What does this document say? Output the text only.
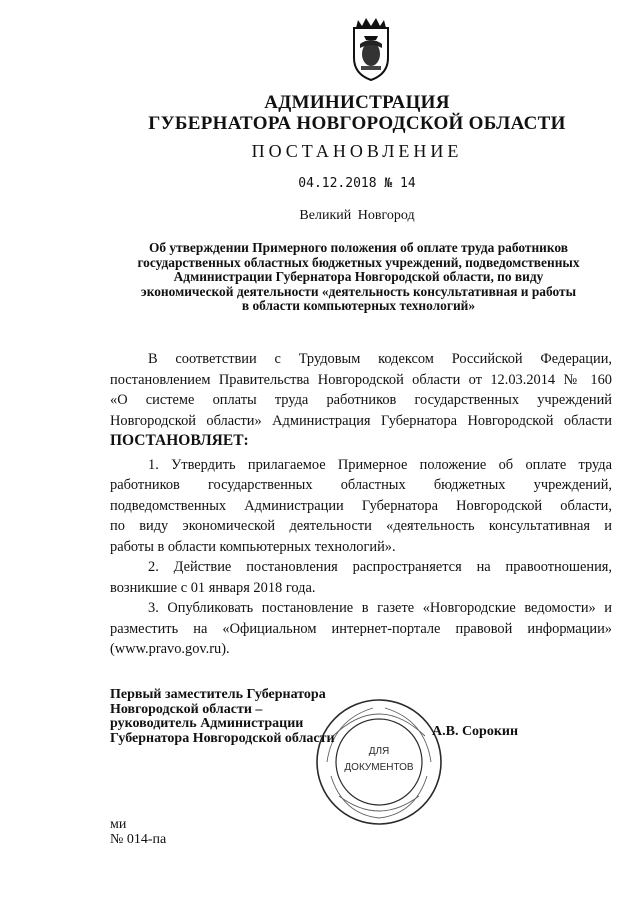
АДМИНИСТРАЦИЯ
ГУБЕРНАТОРА НОВГОРОДСКОЙ ОБЛАСТИ
ПОСТАНОВЛЕНИЕ
04.12.2018 № 14
Великий Новгород
Об утверждении Примерного положения об оплате труда работников
государственных областных бюджетных учреждений, подведомственных
Администрации Губернатора Новгородской области, по виду
экономической деятельности «деятельность консультативная и работы
в области компьютерных технологий»
В соответствии с Трудовым кодексом Российской Федерации,
постановлением Правительства Новгородской области от 12.03.2014 № 160
«О системе оплаты труда работников государственных учреждений
Новгородской области» Администрация Губернатора Новгородской области
ПОСТАНОВЛЯЕТ:
1. Утвердить прилагаемое Примерное положение об оплате труда
работников государственных областных бюджетных учреждений,
подведомственных Администрации Губернатора Новгородской области,
по виду экономической деятельности «деятельность консультативная и
работы в области компьютерных технологий».
2. Действие постановления распространяется на правоотношения,
возникшие с 01 января 2018 года.
3. Опубликовать постановление в газете «Новгородские ведомости» и
разместить на «Официальном интернет-портале правовой информации»
(www.pravo.gov.ru).
ДЛЯ
ДОКУМЕНТОВ
Первый заместитель Губернатора
Новгородской области –
руководитель Администрации
Губернатора Новгородской области	А.В. Сорокин
ми
№ 014-па
